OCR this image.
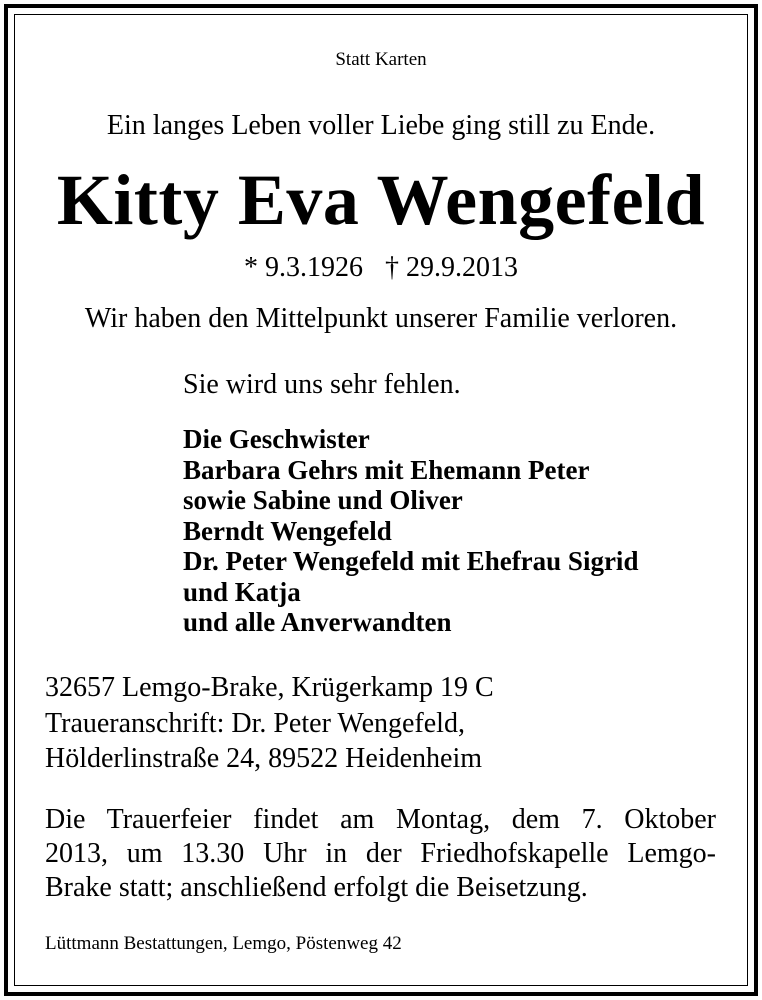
Statt Karten
Ein langes Leben voller Liebe ging still zu Ende.
Kitty Eva Wengefeld
* 9.3.1926 † 29.9.2013
Wir haben den Mittelpunkt unserer Familie verloren.
Sie wird uns sehr fehlen.
Die Geschwister
Barbara Gehrs mit Ehemann Peter
sowie Sabine und Oliver
Berndt Wengefeld
Dr. Peter Wengefeld mit Ehefrau Sigrid
und Katja
und alle Anverwandten
32657 Lemgo-Brake, Krügerkamp 19 C
Traueranschrift: Dr. Peter Wengefeld,
Hölderlinstraße 24, 89522 Heidenheim
Die Trauerfeier findet am Montag, dem 7. Oktober
2013, um 13.30 Uhr in der Friedhofskapelle Lemgo-
Brake statt; anschließend erfolgt die Beisetzung.
Lüttmann Bestattungen, Lemgo, Pöstenweg 42
